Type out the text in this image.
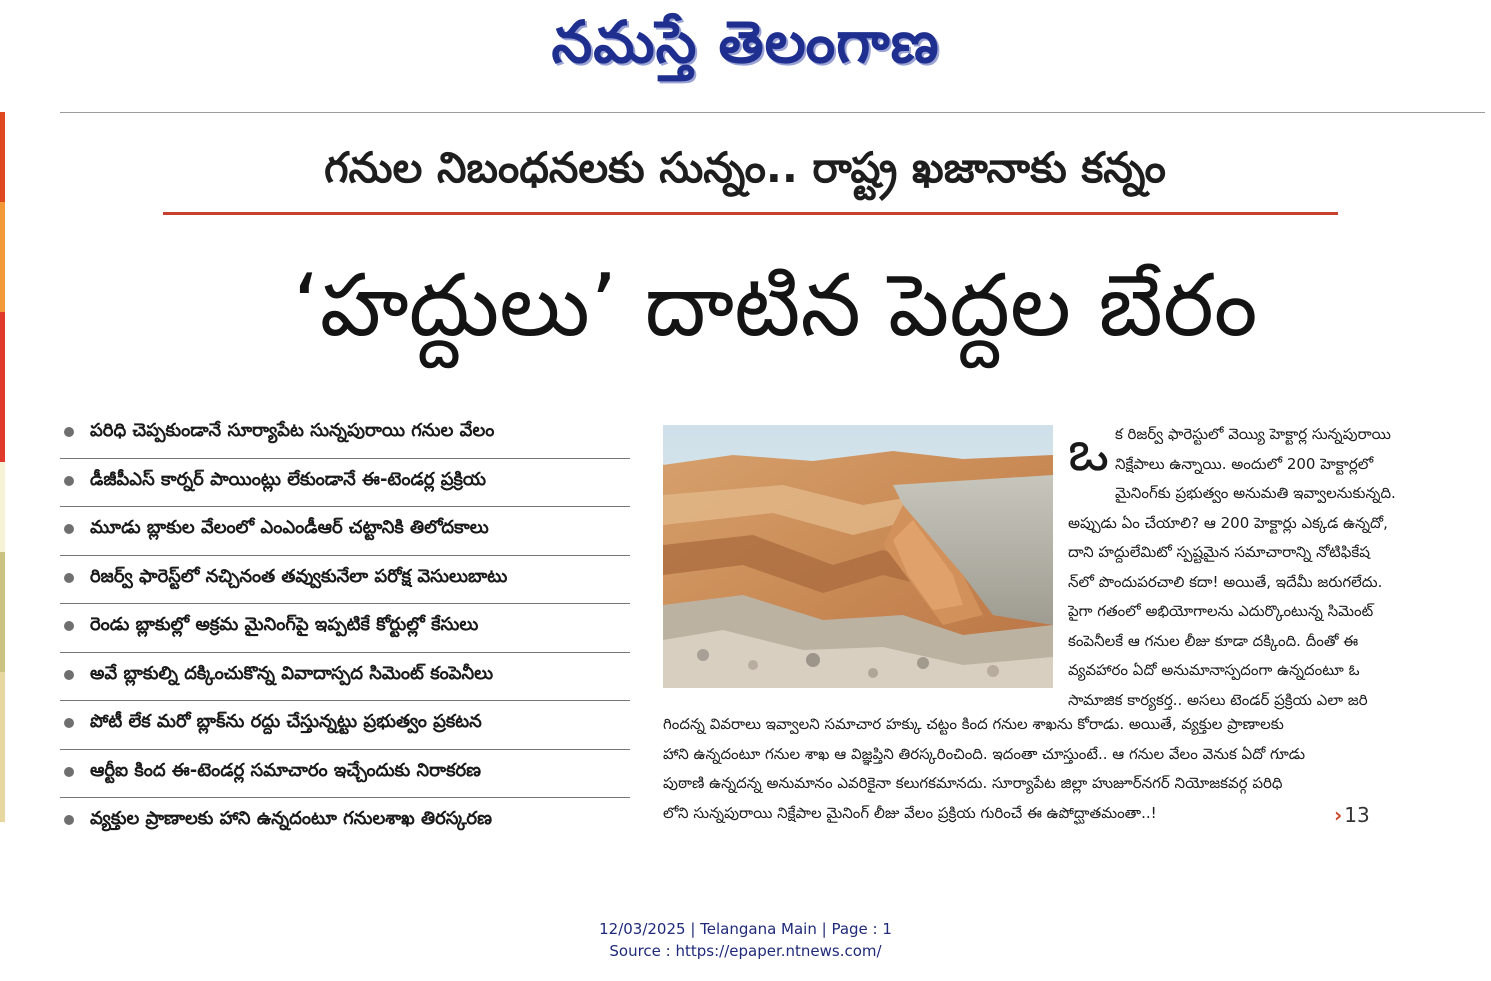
నమస్తే తెలంగాణ
గనుల నిబంధనలకు సున్నం.. రాష్ట్ర ఖజానాకు కన్నం
‘హద్దులు’ దాటిన పెద్దల బేరం
పరిధి చెప్పకుండానే సూర్యాపేట సున్నపురాయి గనుల వేలం
డీజీపీఎస్‌ కార్నర్‌ పాయింట్లు లేకుండానే ఈ-టెండర్ల ప్రక్రియ
మూడు బ్లాకుల వేలంలో ఎంఎండీఆర్‌ చట్టానికి తిలోదకాలు
రిజర్వ్‌ ఫారెస్ట్‌లో నచ్చినంత తవ్వుకునేలా పరోక్ష వెసులుబాటు
రెండు బ్లాకుల్లో అక్రమ మైనింగ్‌పై ఇప్పటికే కోర్టుల్లో కేసులు
అవే బ్లాకుల్ని దక్కించుకొన్న వివాదాస్పద సిమెంట్‌ కంపెనీలు
పోటీ లేక మరో బ్లాక్‌ను రద్దు చేస్తున్నట్టు ప్రభుత్వం ప్రకటన
ఆర్టీఐ కింద ఈ-టెండర్ల సమాచారం ఇచ్చేందుకు నిరాకరణ
వ్యక్తుల ప్రాణాలకు హాని ఉన్నదంటూ గనులశాఖ తిరస్కరణ
ఒ క రిజర్వ్‌ ఫారెస్టులో వెయ్యి హెక్టార్ల సున్నపురాయి
నిక్షేపాలు ఉన్నాయి. అందులో 200 హెక్టార్లలో
మైనింగ్‌కు ప్రభుత్వం అనుమతి ఇవ్వాలనుకున్నది.
అప్పుడు ఏం చేయాలి? ఆ 200 హెక్టార్లు ఎక్కడ ఉన్నదో,
దాని హద్దులేమిటో స్పష్టమైన సమాచారాన్ని నోటిఫికేష
న్‌లో పొందుపరచాలి కదా! అయితే, ఇదేమీ జరుగలేదు.
పైగా గతంలో అభియోగాలను ఎదుర్కొంటున్న సిమెంట్‌
కంపెనీలకే ఆ గనుల లీజు కూడా దక్కింది. దీంతో ఈ
వ్యవహారం ఏదో అనుమానాస్పదంగా ఉన్నదంటూ ఓ
సామాజిక కార్యకర్త.. అసలు టెండర్‌ ప్రక్రియ ఎలా జరి
గిందన్న వివరాలు ఇవ్వాలని సమాచార హక్కు చట్టం కింద గనుల శాఖను కోరాడు. అయితే, వ్యక్తుల ప్రాణాలకు
హాని ఉన్నదంటూ గనుల శాఖ ఆ విజ్ఞప్తిని తిరస్కరించింది. ఇదంతా చూస్తుంటే.. ఆ గనుల వేలం వెనుక ఏదో గూడు
పుఠాణి ఉన్నదన్న అనుమానం ఎవరికైనా కలుగకమానదు. సూర్యాపేట జిల్లా హుజూర్‌నగర్‌ నియోజకవర్గ పరిధి
లోని సున్నపురాయి నిక్షేపాల మైనింగ్‌ లీజు వేలం ప్రక్రియ గురించే ఈ ఉపోద్ఘాతమంతా..!	› 13
12/03/2025 | Telangana Main | Page : 1
Source : https://epaper.ntnews.com/
